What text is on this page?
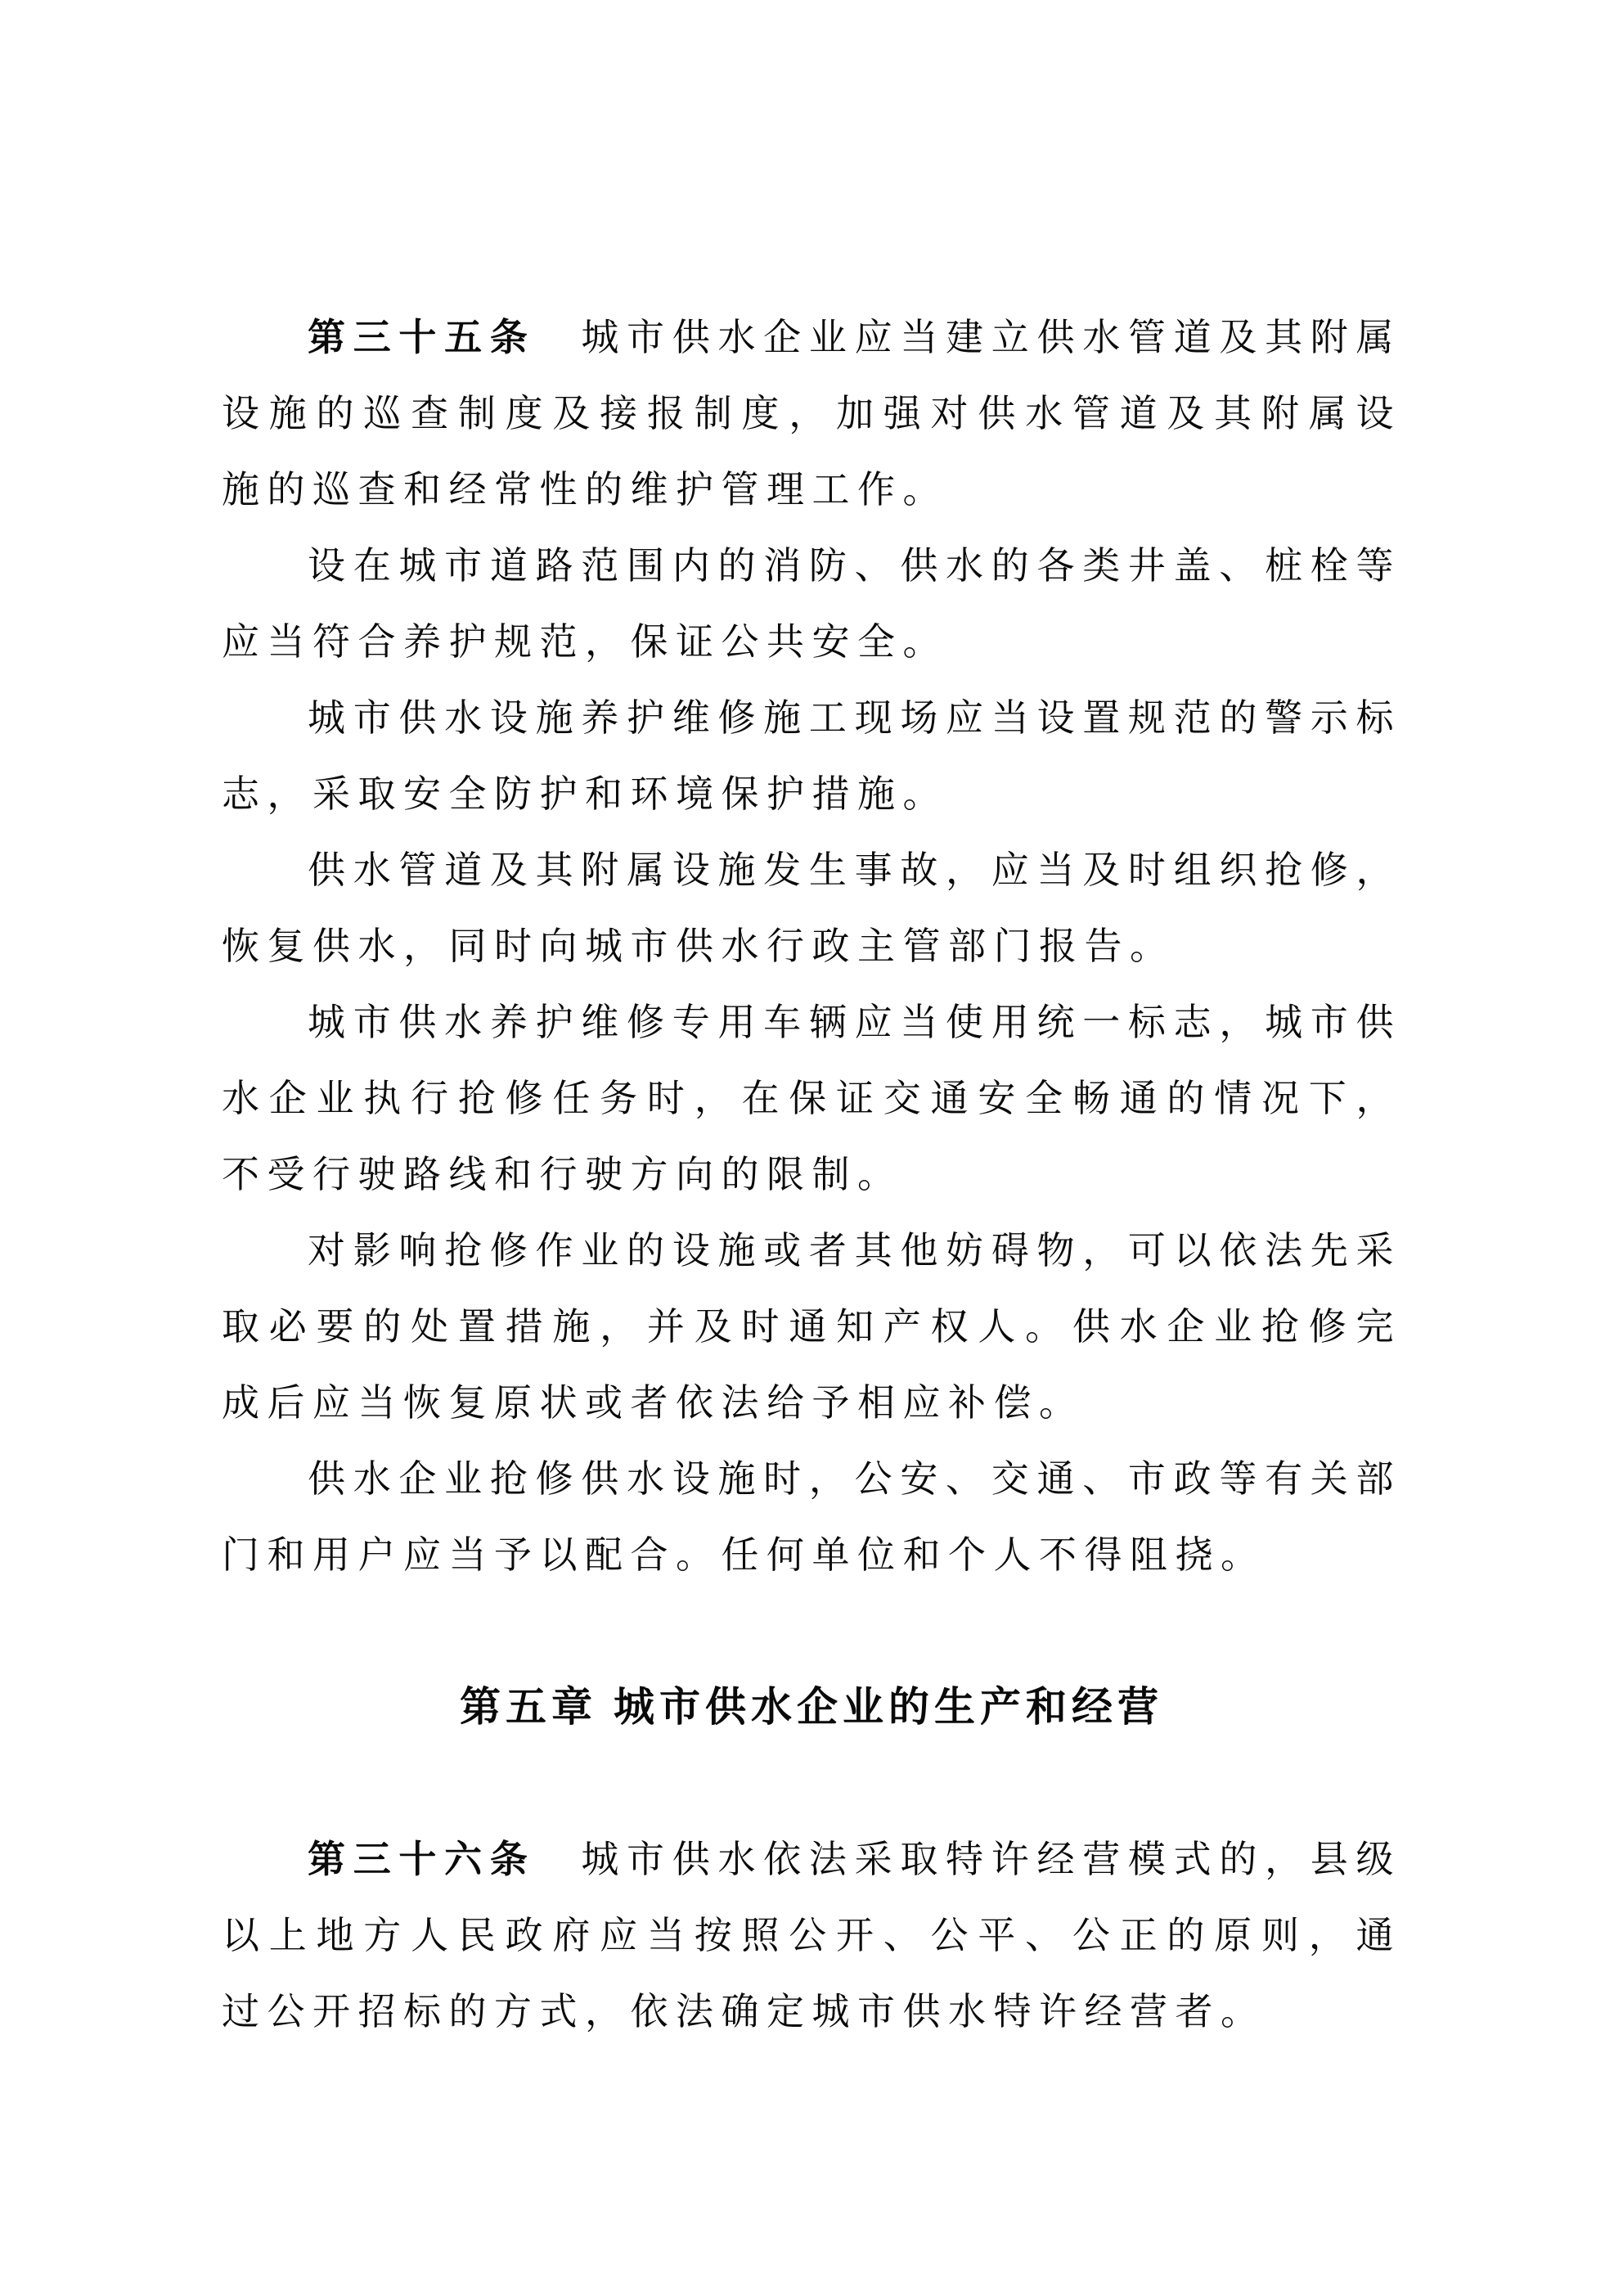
第三十五条　 城市供水企业应当建立供水管道及其附属设施的巡查制度及接报制度，加强对供水管道及其附属设施的巡查和经常性的维护管理工作。

设在城市道路范围内的消防、供水的各类井盖、桩栓等应当符合养护规范，保证公共安全。

城市供水设施养护维修施工现场应当设置规范的警示标志，采取安全防护和环境保护措施。

供水管道及其附属设施发生事故，应当及时组织抢修，恢复供水，同时向城市供水行政主管部门报告。

城市供水养护维修专用车辆应当使用统一标志，城市供水企业执行抢修任务时，在保证交通安全畅通的情况下，不受行驶路线和行驶方向的限制。

对影响抢修作业的设施或者其他妨碍物，可以依法先采取必要的处置措施，并及时通知产权人。供水企业抢修完成后应当恢复原状或者依法给予相应补偿。

供水企业抢修供水设施时，公安、交通、市政等有关部门和用户应当予以配合。任何单位和个人不得阻挠。

第五章 城市供水企业的生产和经营

第三十六条　 城市供水依法采取特许经营模式的，县级以上地方人民政府应当按照公开、公平、公正的原则，通过公开招标的方式，依法确定城市供水特许经营者。
